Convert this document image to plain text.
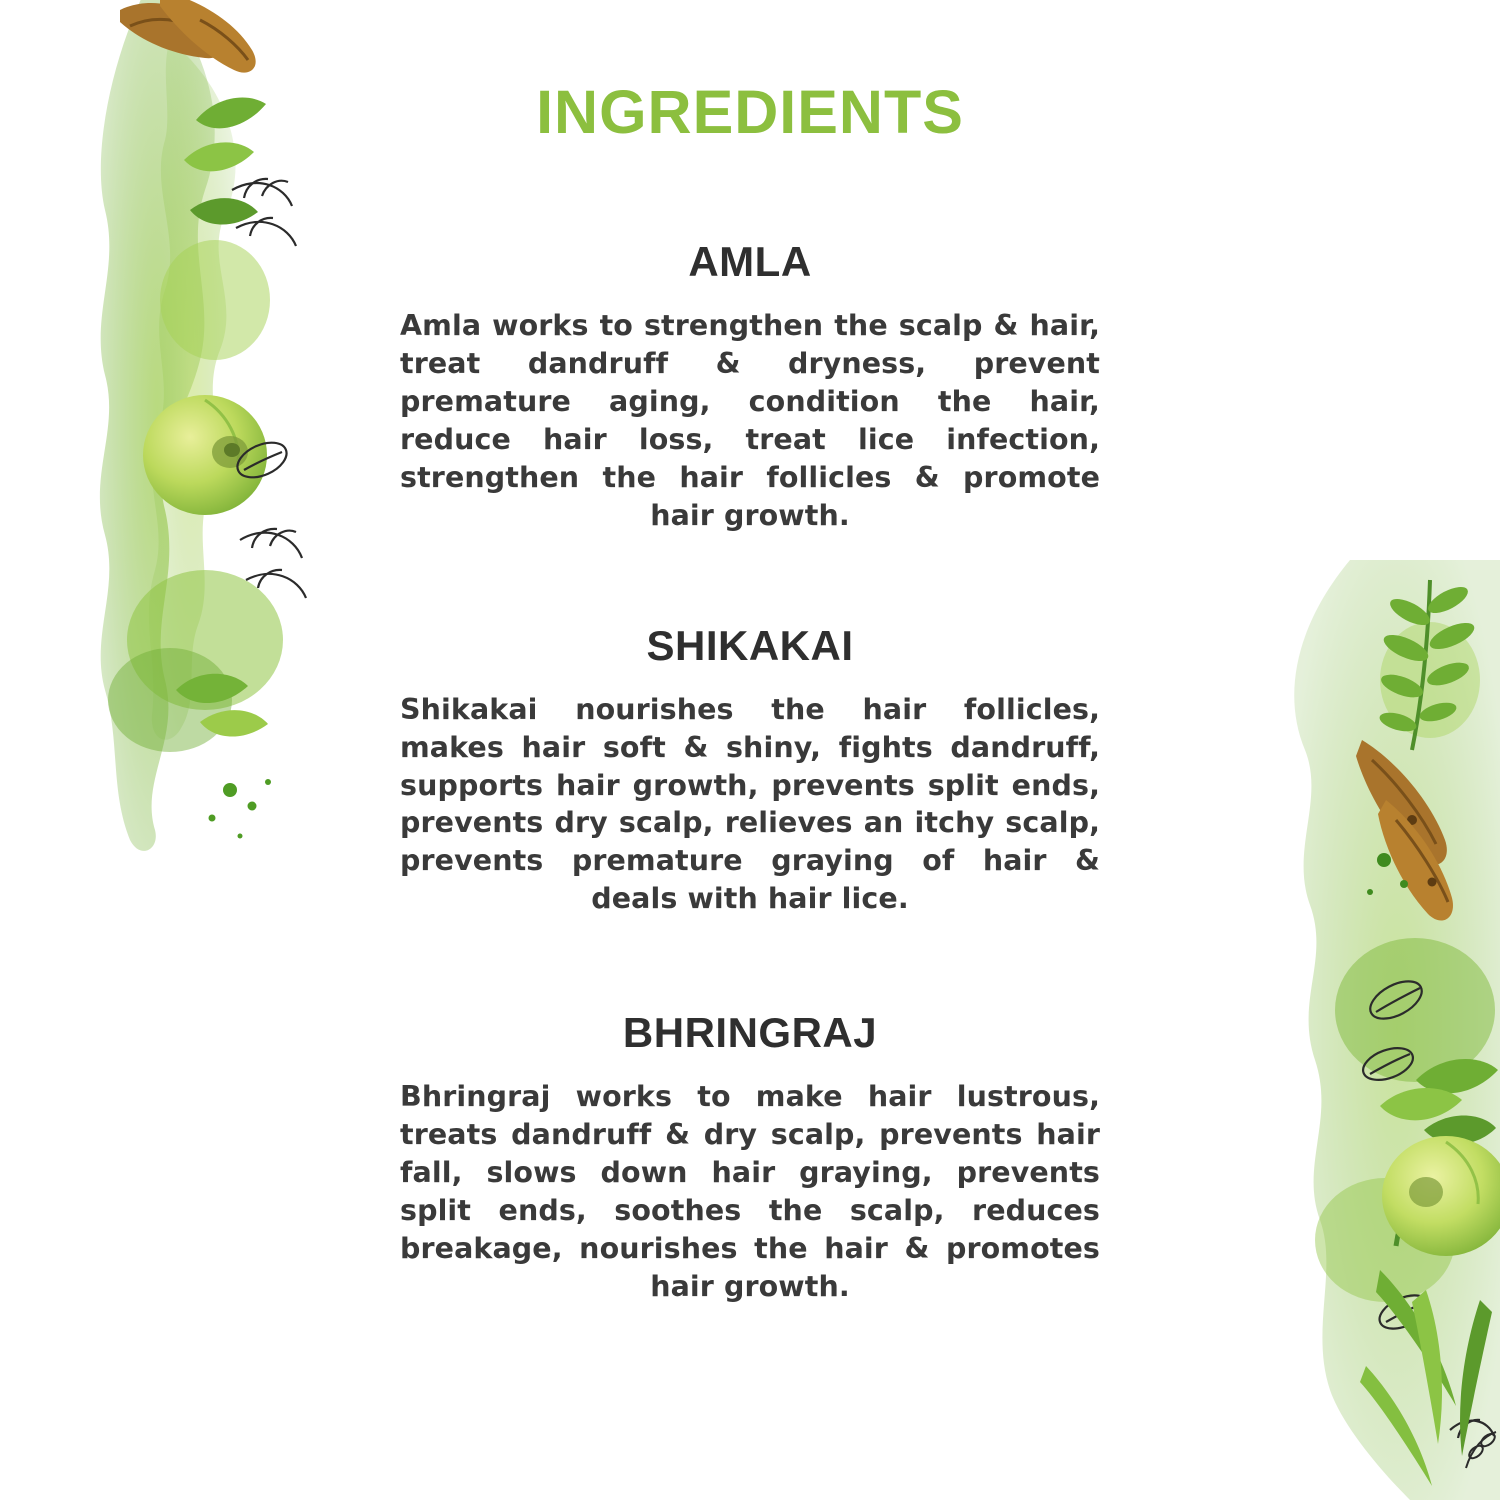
INGREDIENTS
AMLA

Amla works to strengthen the scalp & hair, treat dandruff & dryness, prevent premature aging, condition the hair, reduce hair loss, treat lice infection, strengthen the hair follicles & promote hair growth.

SHIKAKAI

Shikakai nourishes the hair follicles, makes hair soft & shiny, fights dandruff, supports hair growth, prevents split ends, prevents dry scalp, relieves an itchy scalp, prevents premature graying of hair & deals with hair lice.

BHRINGRAJ

Bhringraj works to make hair lustrous, treats dandruff & dry scalp, prevents hair fall, slows down hair graying, prevents split ends, soothes the scalp, reduces breakage, nourishes the hair & promotes hair growth.
